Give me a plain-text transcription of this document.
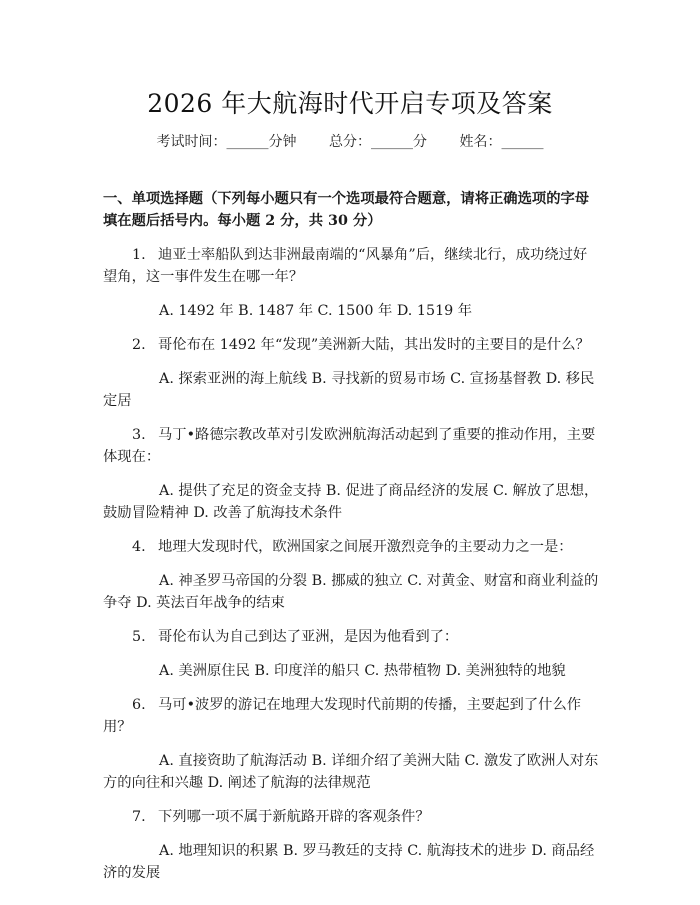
2026 年大航海时代开启专项及答案
考试时间：______分钟 总分：______分 姓名：______

一、单项选择题（下列每小题只有一个选项最符合题意，请将正确选项的字母填在题后括号内。每小题 2 分，共 30 分）

1. 迪亚士率船队到达非洲最南端的“风暴角”后，继续北行，成功绕过好望角，这一事件发生在哪一年？

A. 1492 年 B. 1487 年 C. 1500 年 D. 1519 年

2. 哥伦布在 1492 年“发现”美洲新大陆，其出发时的主要目的是什么？

A. 探索亚洲的海上航线 B. 寻找新的贸易市场 C. 宣扬基督教 D. 移民定居

3. 马丁•路德宗教改革对引发欧洲航海活动起到了重要的推动作用，主要体现在：

A. 提供了充足的资金支持 B. 促进了商品经济的发展 C. 解放了思想，鼓励冒险精神 D. 改善了航海技术条件

4. 地理大发现时代，欧洲国家之间展开激烈竞争的主要动力之一是：

A. 神圣罗马帝国的分裂 B. 挪威的独立 C. 对黄金、财富和商业利益的争夺 D. 英法百年战争的结束

5. 哥伦布认为自己到达了亚洲，是因为他看到了：

A. 美洲原住民 B. 印度洋的船只 C. 热带植物 D. 美洲独特的地貌

6. 马可•波罗的游记在地理大发现时代前期的传播，主要起到了什么作用？

A. 直接资助了航海活动 B. 详细介绍了美洲大陆 C. 激发了欧洲人对东方的向往和兴趣 D. 阐述了航海的法律规范

7. 下列哪一项不属于新航路开辟的客观条件？

A. 地理知识的积累 B. 罗马教廷的支持 C. 航海技术的进步 D. 商品经济的发展
